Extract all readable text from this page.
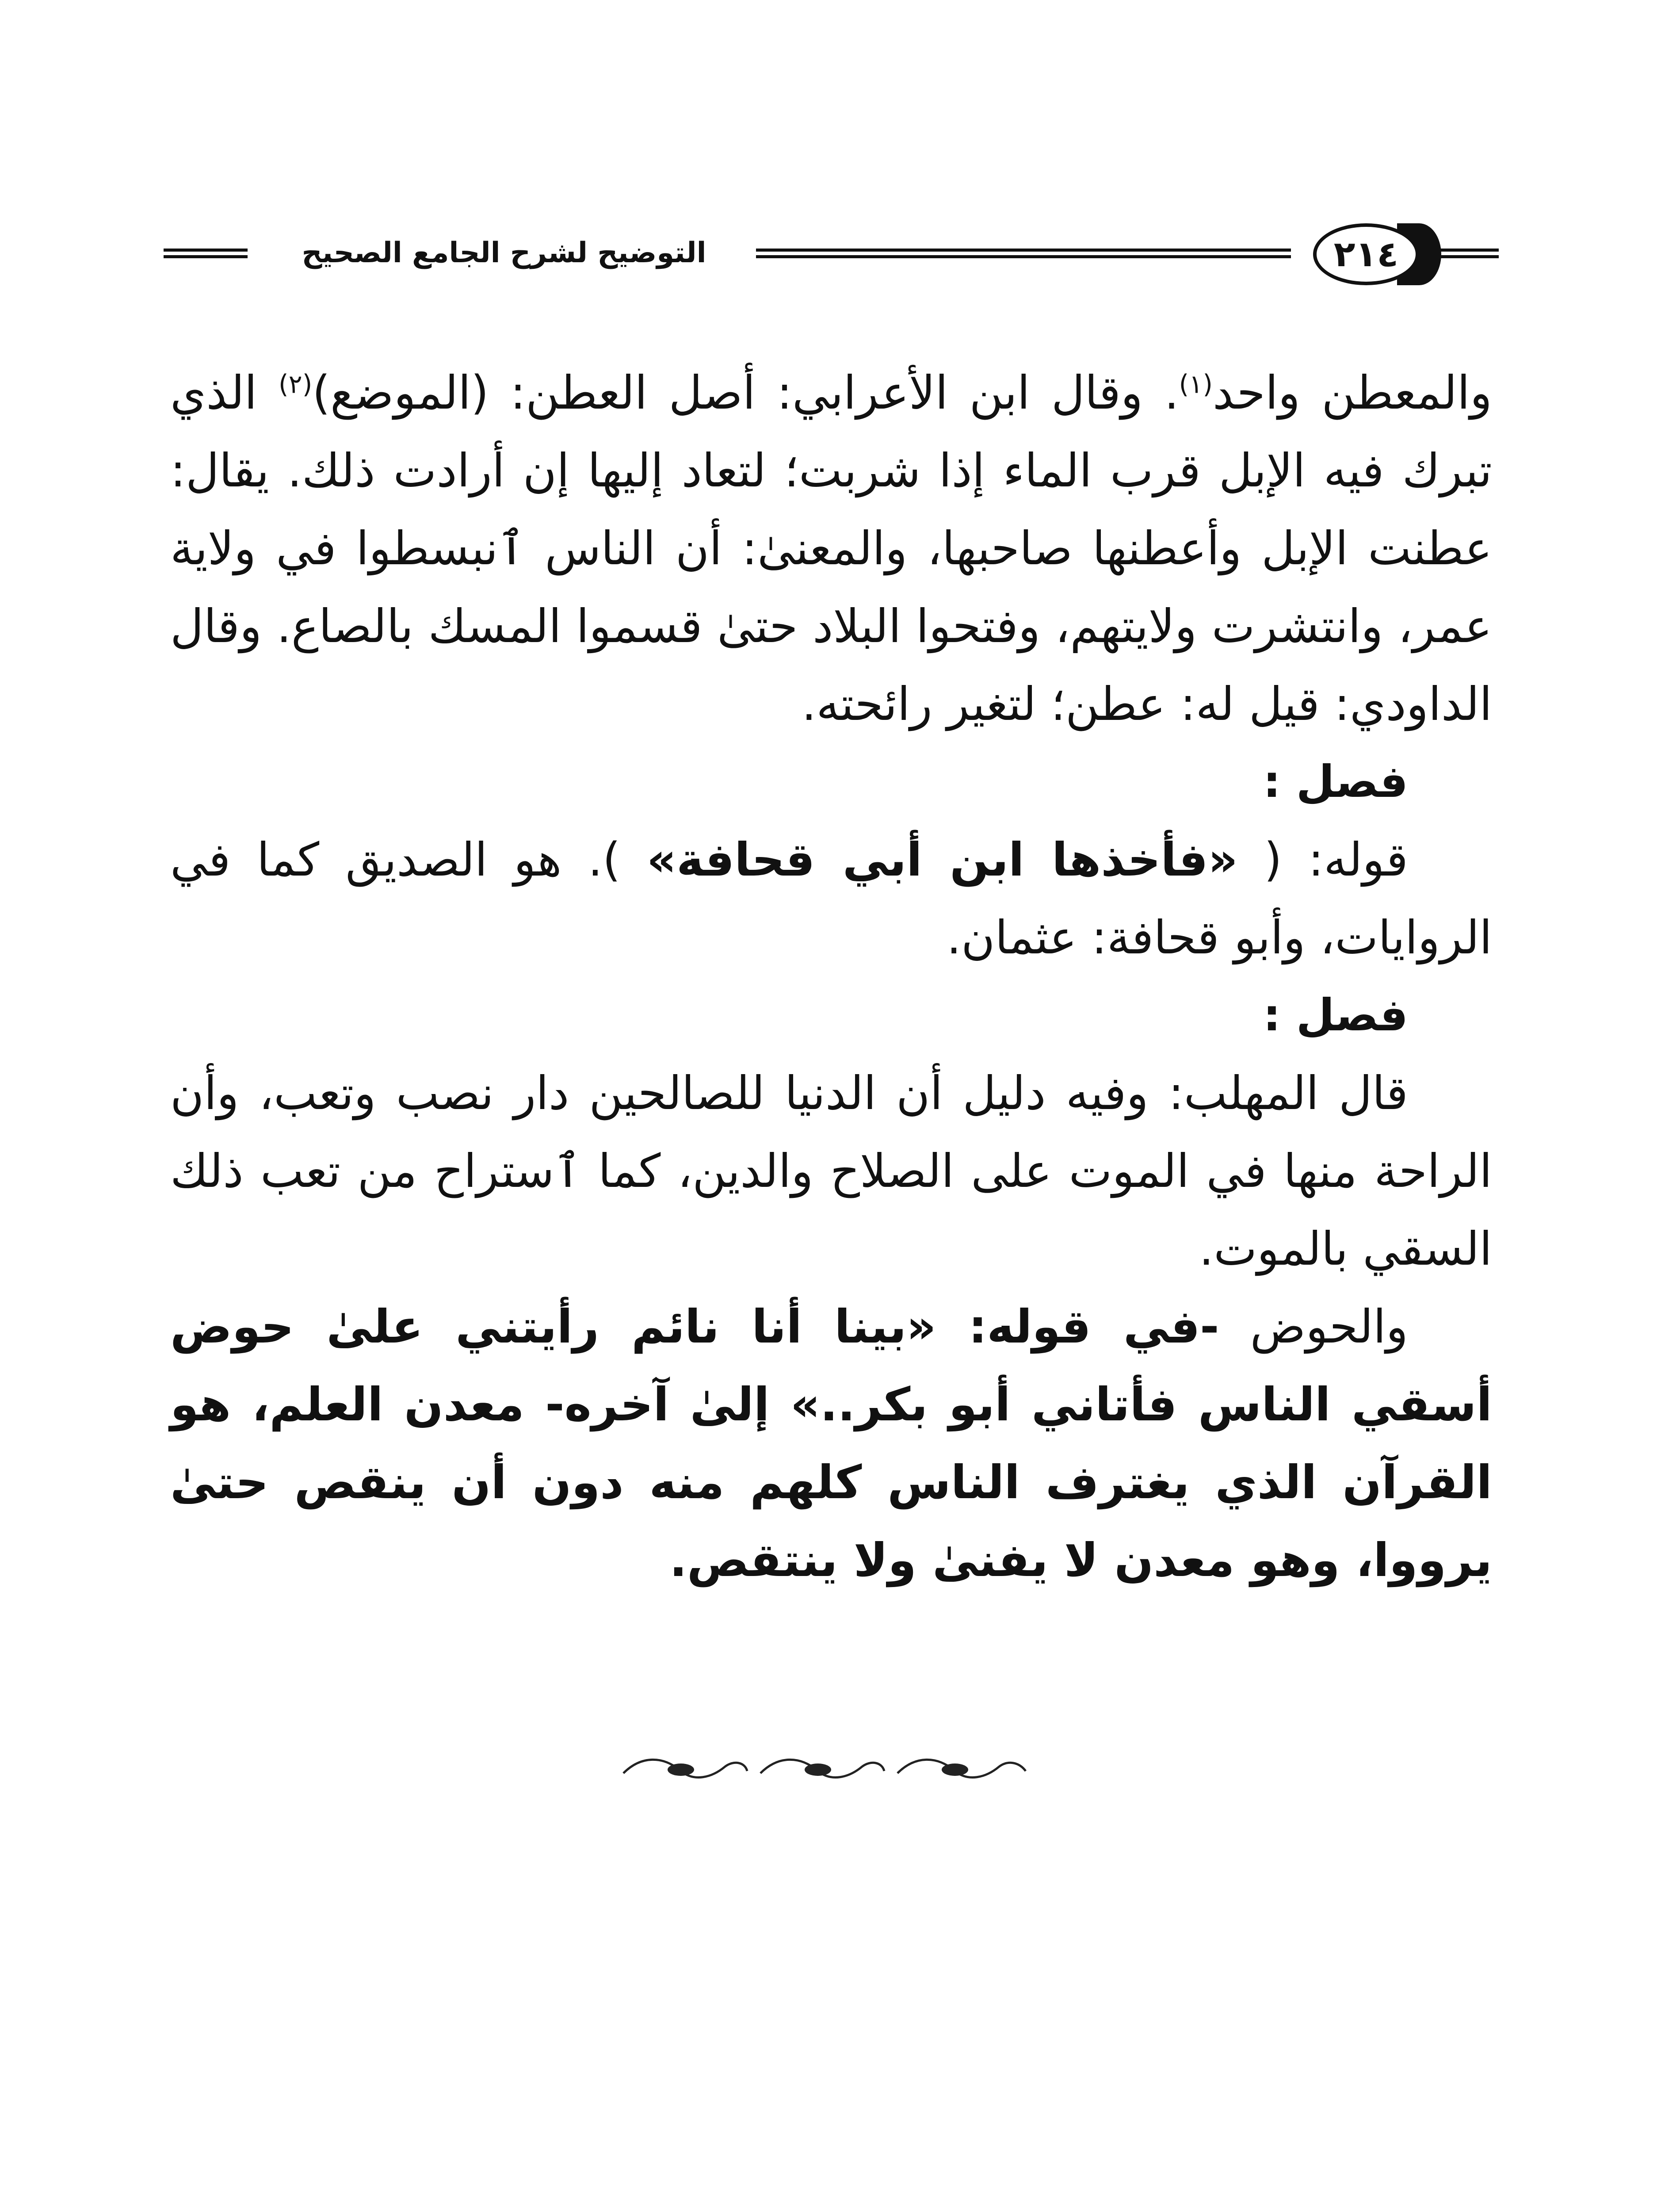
التوضيح لشرح الجامع الصحيح	٢١٤

والمعطن واحد$^{(١)}$. وقال ابن الأعرابي: أصل العطن: (الموضع)$^{(٢)}$ الذي تبرك فيه الإبل قرب الماء إذا شربت؛ لتعاد إليها إن أرادت ذلك. يقال: عطنت الإبل وأعطنها صاحبها، والمعنىٰ: أن الناس ٱنبسطوا في ولاية عمر، وانتشرت ولايتهم، وفتحوا البلاد حتىٰ قسموا المسك بالصاع. وقال الداودي: قيل له: عطن؛ لتغير رائحته.

فصل :

قوله: ( «فأخذها ابن أبي قحافة» ). هو الصديق كما في الروايات، وأبو قحافة: عثمان.

فصل :

قال المهلب: وفيه دليل أن الدنيا للصالحين دار نصب وتعب، وأن الراحة منها في الموت على الصلاح والدين، كما ٱستراح من تعب ذلك السقي بالموت.

والحوض -في قوله: «بينا أنا نائم رأيتني علىٰ حوض أسقي الناس فأتاني أبو بكر..» إلىٰ آخره- معدن العلم، هو القرآن الذي يغترف الناس كلهم منه دون أن ينقص حتىٰ يرووا، وهو معدن لا يفنىٰ ولا ينتقص.
